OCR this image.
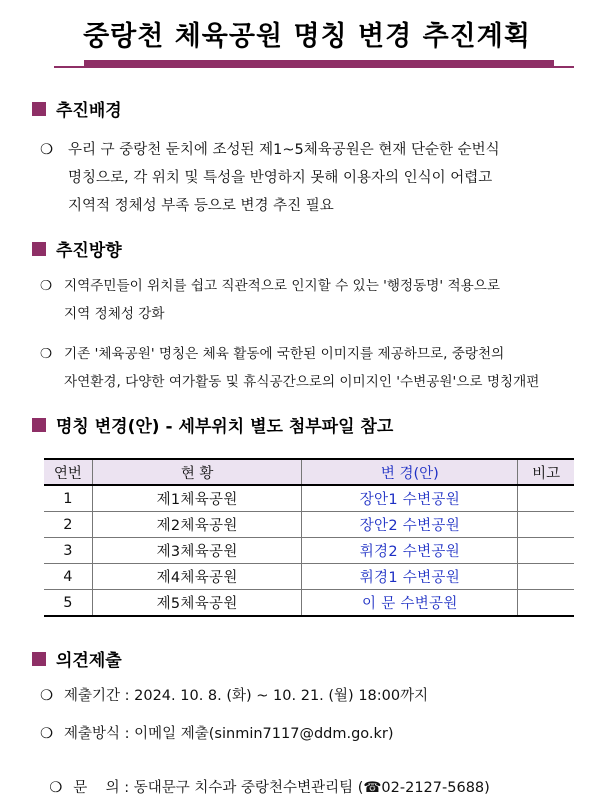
중랑천 체육공원 명칭 변경 추진계획
추진배경
❍ 우리 구 중랑천 둔치에 조성된 제1~5체육공원은 현재 단순한 순번식
명칭으로, 각 위치 및 특성을 반영하지 못해 이용자의 인식이 어렵고
지역적 정체성 부족 등으로 변경 추진 필요
추진방향
❍ 지역주민들이 위치를 쉽고 직관적으로 인지할 수 있는 '행정동명' 적용으로
지역 정체성 강화
❍ 기존 '체육공원' 명칭은 체육 활동에 국한된 이미지를 제공하므로, 중랑천의
자연환경, 다양한 여가활동 및 휴식공간으로의 이미지인 '수변공원'으로 명칭개편
명칭 변경(안) - 세부위치 별도 첨부파일 참고
연번	현 황	변 경(안)	비고
1	제1체육공원	장안1 수변공원	
2	제2체육공원	장안2 수변공원	
3	제3체육공원	휘경2 수변공원	
4	제4체육공원	휘경1 수변공원	
5	제5체육공원	이 문 수변공원	
의견제출
❍ 제출기간 : 2024. 10. 8. (화) ~ 10. 21. (월) 18:00까지
❍ 제출방식 : 이메일 제출(sinmin7117@ddm.go.kr)

❍ 문    의 : 동대문구 치수과 중랑천수변관리팀 (☎02-2127-5688)
